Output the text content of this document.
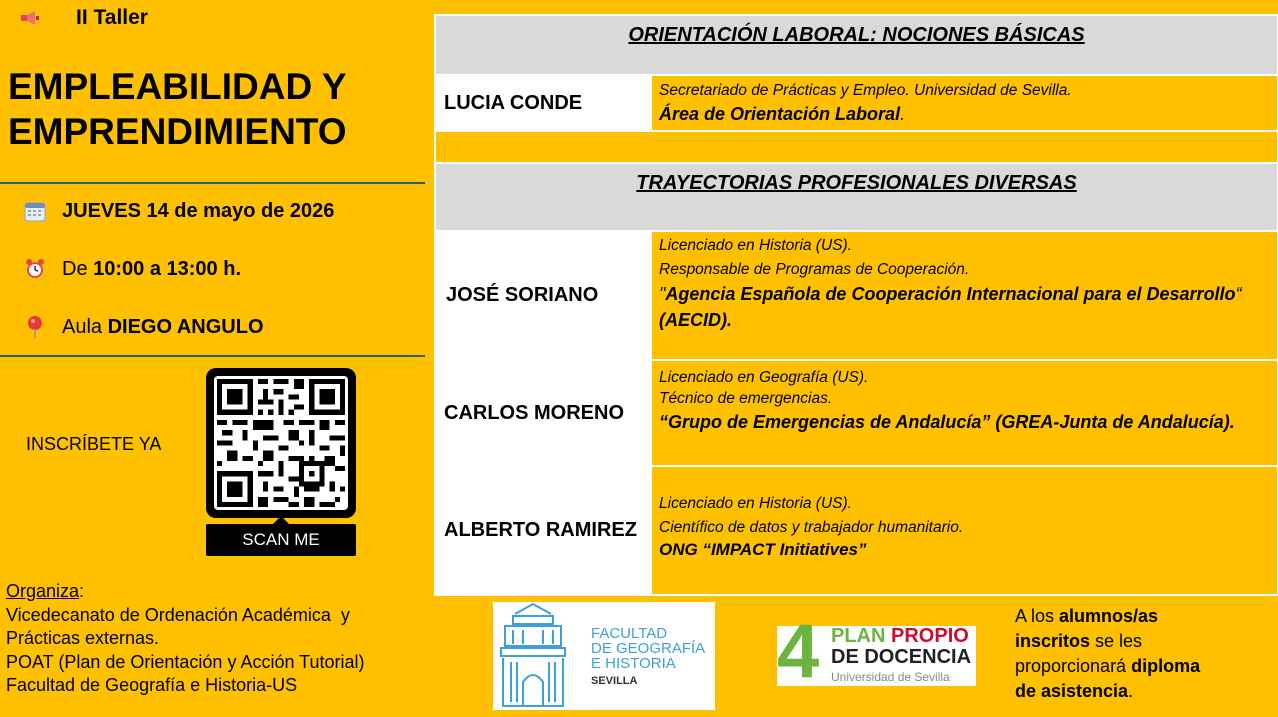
II Taller
EMPLEABILIDAD Y
EMPRENDIMIENTO
JUEVES 14 de mayo de 2026
De 10:00 a 13:00 h.
Aula DIEGO ANGULO
INSCRÍBETE YA
SCAN ME
Organiza:
Vicedecanato de Ordenación Académica  y
Prácticas externas.
POAT (Plan de Orientación y Acción Tutorial)
Facultad de Geografía e Historia-US
ORIENTACIÓN LABORAL: NOCIONES BÁSICAS
LUCIA CONDE
Secretariado de Prácticas y Empleo. Universidad de Sevilla.
Área de Orientación Laboral.
TRAYECTORIAS PROFESIONALES DIVERSAS
JOSÉ SORIANO
Licenciado en Historia (US).
Responsable de Programas de Cooperación.
"Agencia Española de Cooperación Internacional para el Desarrollo“
(AECID).
CARLOS MORENO
Licenciado en Geografía (US).
Técnico de emergencias.
“Grupo de Emergencias de Andalucía” (GREA-Junta de Andalucía).
ALBERTO RAMIREZ
Licenciado en Historia (US).
Científico de datos y trabajador humanitario.
ONG “IMPACT Initiatives”
FACULTAD
DE GEOGRAFÍA
E HISTORIA
SEVILLA	4 PLAN PROPIO
DE DOCENCIA
Universidad de Sevilla
A los alumnos/as
inscritos se les
proporcionará diploma
de asistencia.
